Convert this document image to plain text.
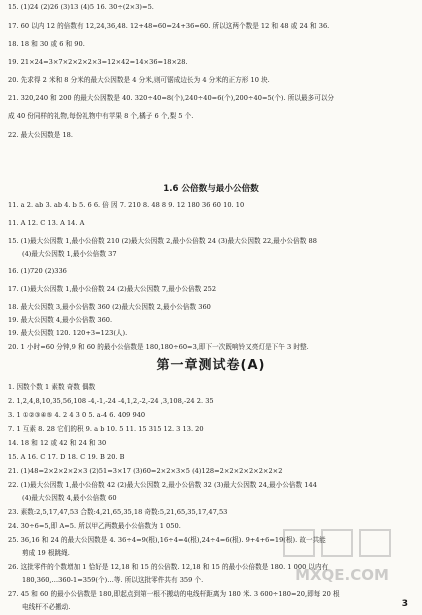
15. (1)24 (2)26 (3)13 (4)5 16. 30÷(2×3)=5.
17. 60 以内 12 的倍数有 12,24,36,48. 12+48=60=24+36=60. 所以这两个数是 12 和 48 或 24 和 36.
18. 18 和 30 或 6 和 90.
19. 21×24=3×7×2×2×2×3=12×42=14×36=18×28.
20. 先求得 2 米和 8 分米的最大公因数是 4 分米,则可锯成边长为 4 分米的正方形 10 块.
21. 320,240 和 200 的最大公因数是 40. 320÷40=8(个),240÷40=6(个),200÷40=5(个). 所以最多可以分
成 40 份同样的礼物,每份礼物中有苹果 8 个,橘子 6 个,梨 5 个.
22. 最大公因数是 18.
1.6 公倍数与最小公倍数
11. a 2. ab 3. ab 4. b 5. 6 6. 倍 因 7. 210 8. 48 8 9. 12 180 36 60 10. 10
11. A 12. C 13. A 14. A
15. (1)最大公因数 1,最小公倍数 210 (2)最大公因数 2,最小公倍数 24 (3)最大公因数 22,最小公倍数 88
(4)最大公因数 1,最小公倍数 37
16. (1)720 (2)336
17. (1)最大公因数 1,最小公倍数 24 (2)最大公因数 7,最小公倍数 252
18. 最大公因数 3,最小公倍数 360 (2)最大公因数 2,最小公倍数 360
19. 最大公因数 4,最小公倍数 360.
19. 最大公因数 120. 120+3=123(人).
20. 1 小时=60 分钟,9 和 60 的最小公倍数是 180,180÷60=3,即下一次既响铃又亮灯是下午 3 时整.
第一章测试卷(A)
1. 因数个数 1 素数 奇数 偶数
2. 1,2,4,8,10,35,56,108 -4,-1,-24 -4,1,2,-2,-24 ,3,108,-24 2. 35
3. 1 ①②③④⑤ 4. 2 4 3 0 5. a-4 6. 409 940
7. 1 互素 8. 28 它们的积 9. a b 10. 5 11. 15 315 12. 3 13. 20
14. 18 和 12 或 42 和 24 和 30
15. A 16. C 17. D 18. C 19. B 20. B
21. (1)48=2×2×2×2×3 (2)51=3×17 (3)60=2×2×3×5 (4)128=2×2×2×2×2×2×2
22. (1)最大公因数 1,最小公倍数 42 (2)最大公因数 2,最小公倍数 32 (3)最大公因数 24,最小公倍数 144
(4)最大公因数 4,最小公倍数 60
23. 素数:2,5,17,47,53 合数:4,21,65,35,18 奇数:5,21,65,35,17,47,53
24. 30÷6=5,即 A=5. 所以甲乙两数最小公倍数为 1 050.
25. 36,16 和 24 的最大公因数是 4. 36÷4=9(根),16÷4=4(根),24÷4=6(根). 9+4+6=19(根). 故一共能
剪成 19 根跳绳.
26. 这批零件的个数增加 1 恰好是 12,18 和 15 的公倍数. 12,18 和 15 的最小公倍数是 180. 1 000 以内有
180,360,…360-1=359(个)…等. 所以这批零件共有 359 个.
27. 45 和 60 的最小公倍数是 180,即起点到第一根不搬动的电线杆距离为 180 米. 3 600÷180=20,即每 20 根
电线杆不必搬动.
MXQE.COM
3
